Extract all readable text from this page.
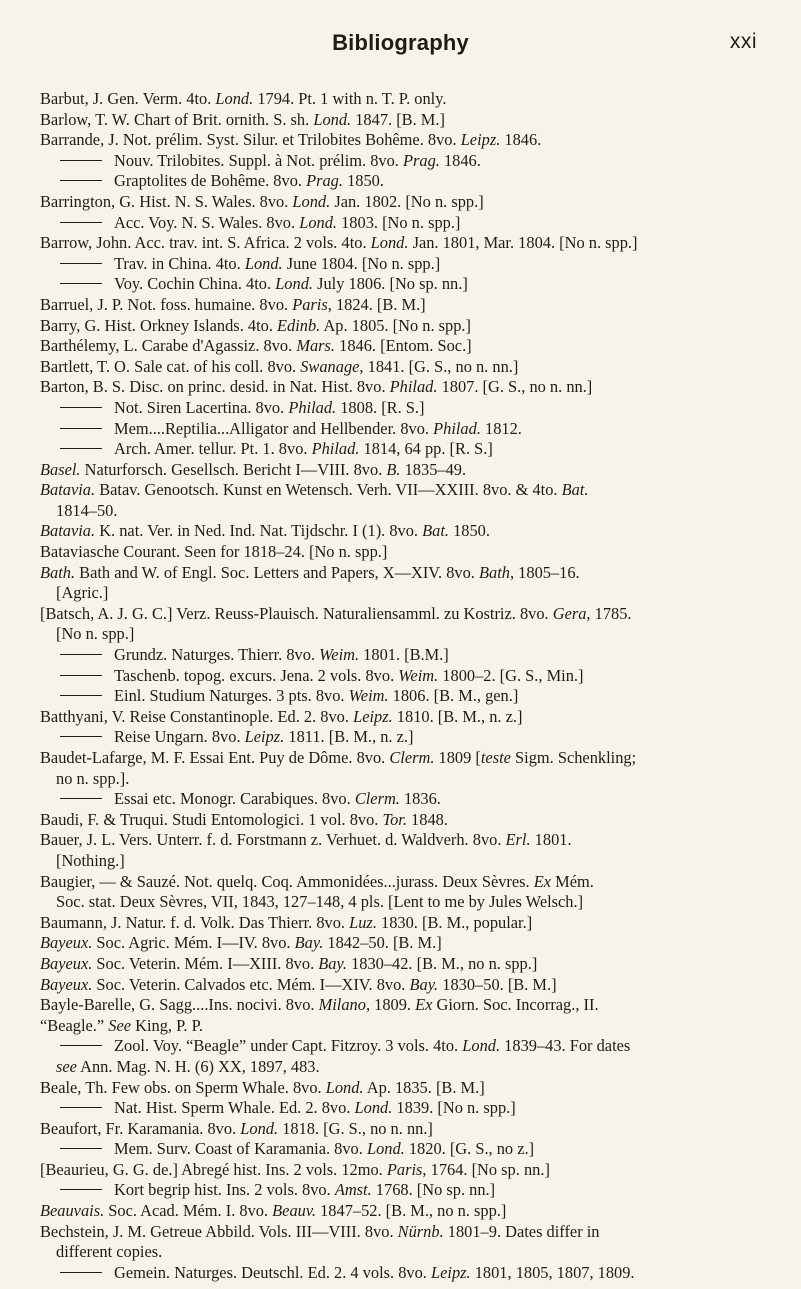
Bibliography	xxi
Barbut, J. Gen. Verm. 4to. Lond. 1794. Pt. 1 with n. T. P. only.
Barlow, T. W. Chart of Brit. ornith. S. sh. Lond. 1847. [B. M.]
Barrande, J. Not. prélim. Syst. Silur. et Trilobites Bohême. 8vo. Leipz. 1846.
Nouv. Trilobites. Suppl. à Not. prélim. 8vo. Prag. 1846.
Graptolites de Bohême. 8vo. Prag. 1850.
Barrington, G. Hist. N. S. Wales. 8vo. Lond. Jan. 1802. [No n. spp.]
Acc. Voy. N. S. Wales. 8vo. Lond. 1803. [No n. spp.]
Barrow, John. Acc. trav. int. S. Africa. 2 vols. 4to. Lond. Jan. 1801, Mar. 1804. [No n. spp.]
Trav. in China. 4to. Lond. June 1804. [No n. spp.]
Voy. Cochin China. 4to. Lond. July 1806. [No sp. nn.]
Barruel, J. P. Not. foss. humaine. 8vo. Paris, 1824. [B. M.]
Barry, G. Hist. Orkney Islands. 4to. Edinb. Ap. 1805. [No n. spp.]
Barthélemy, L. Carabe d'Agassiz. 8vo. Mars. 1846. [Entom. Soc.]
Bartlett, T. O. Sale cat. of his coll. 8vo. Swanage, 1841. [G. S., no n. nn.]
Barton, B. S. Disc. on princ. desid. in Nat. Hist. 8vo. Philad. 1807. [G. S., no n. nn.]
Not. Siren Lacertina. 8vo. Philad. 1808. [R. S.]
Mem....Reptilia...Alligator and Hellbender. 8vo. Philad. 1812.
Arch. Amer. tellur. Pt. 1. 8vo. Philad. 1814, 64 pp. [R. S.]
Basel. Naturforsch. Gesellsch. Bericht I—VIII. 8vo. B. 1835–49.
Batavia. Batav. Genootsch. Kunst en Wetensch. Verh. VII—XXIII. 8vo. & 4to. Bat.
1814–50.
Batavia. K. nat. Ver. in Ned. Ind. Nat. Tijdschr. I (1). 8vo. Bat. 1850.
Bataviasche Courant. Seen for 1818–24. [No n. spp.]
Bath. Bath and W. of Engl. Soc. Letters and Papers, X—XIV. 8vo. Bath, 1805–16.
[Agric.]
[Batsch, A. J. G. C.] Verz. Reuss-Plauisch. Naturaliensamml. zu Kostriz. 8vo. Gera, 1785.
[No n. spp.]
Grundz. Naturges. Thierr. 8vo. Weim. 1801. [B.M.]
Taschenb. topog. excurs. Jena. 2 vols. 8vo. Weim. 1800–2. [G. S., Min.]
Einl. Studium Naturges. 3 pts. 8vo. Weim. 1806. [B. M., gen.]
Batthyani, V. Reise Constantinople. Ed. 2. 8vo. Leipz. 1810. [B. M., n. z.]
Reise Ungarn. 8vo. Leipz. 1811. [B. M., n. z.]
Baudet-Lafarge, M. F. Essai Ent. Puy de Dôme. 8vo. Clerm. 1809 [teste Sigm. Schenkling;
no n. spp.].
Essai etc. Monogr. Carabiques. 8vo. Clerm. 1836.
Baudi, F. & Truqui. Studi Entomologici. 1 vol. 8vo. Tor. 1848.
Bauer, J. L. Vers. Unterr. f. d. Forstmann z. Verhuet. d. Waldverh. 8vo. Erl. 1801.
[Nothing.]
Baugier, — & Sauzé. Not. quelq. Coq. Ammonidées...jurass. Deux Sèvres. Ex Mém.
Soc. stat. Deux Sèvres, VII, 1843, 127–148, 4 pls. [Lent to me by Jules Welsch.]
Baumann, J. Natur. f. d. Volk. Das Thierr. 8vo. Luz. 1830. [B. M., popular.]
Bayeux. Soc. Agric. Mém. I—IV. 8vo. Bay. 1842–50. [B. M.]
Bayeux. Soc. Veterin. Mém. I—XIII. 8vo. Bay. 1830–42. [B. M., no n. spp.]
Bayeux. Soc. Veterin. Calvados etc. Mém. I—XIV. 8vo. Bay. 1830–50. [B. M.]
Bayle-Barelle, G. Sagg....Ins. nocivi. 8vo. Milano, 1809. Ex Giorn. Soc. Incorrag., II.
“Beagle.” See King, P. P.
Zool. Voy. “Beagle” under Capt. Fitzroy. 3 vols. 4to. Lond. 1839–43. For dates
see Ann. Mag. N. H. (6) XX, 1897, 483.
Beale, Th. Few obs. on Sperm Whale. 8vo. Lond. Ap. 1835. [B. M.]
Nat. Hist. Sperm Whale. Ed. 2. 8vo. Lond. 1839. [No n. spp.]
Beaufort, Fr. Karamania. 8vo. Lond. 1818. [G. S., no n. nn.]
Mem. Surv. Coast of Karamania. 8vo. Lond. 1820. [G. S., no z.]
[Beaurieu, G. G. de.] Abregé hist. Ins. 2 vols. 12mo. Paris, 1764. [No sp. nn.]
Kort begrip hist. Ins. 2 vols. 8vo. Amst. 1768. [No sp. nn.]
Beauvais. Soc. Acad. Mém. I. 8vo. Beauv. 1847–52. [B. M., no n. spp.]
Bechstein, J. M. Getreue Abbild. Vols. III—VIII. 8vo. Nürnb. 1801–9. Dates differ in
different copies.
Gemein. Naturges. Deutschl. Ed. 2. 4 vols. 8vo. Leipz. 1801, 1805, 1807, 1809.
